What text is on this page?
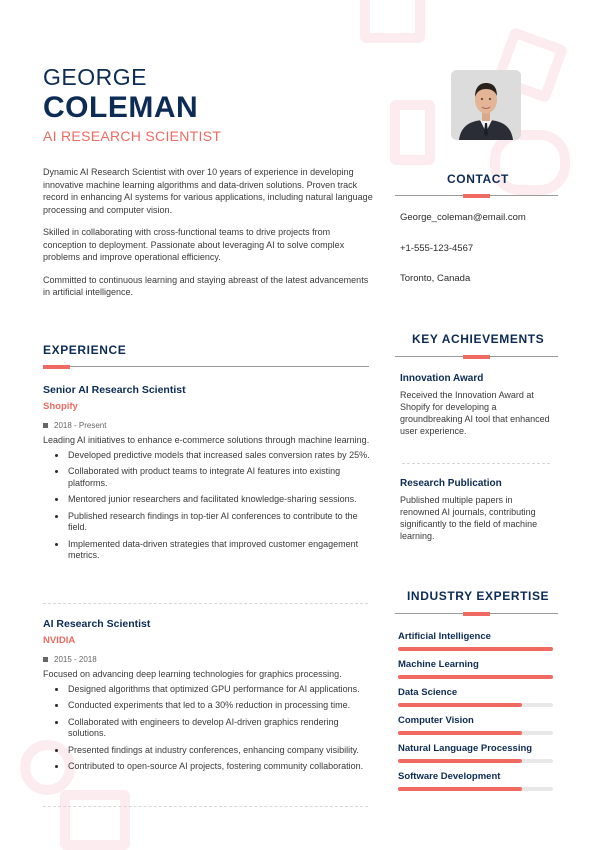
GEORGE
COLEMAN
AI RESEARCH SCIENTIST

Dynamic AI Research Scientist with over 10 years of experience in developing innovative machine learning algorithms and data-driven solutions. Proven track record in enhancing AI systems for various applications, including natural language processing and computer vision.

Skilled in collaborating with cross-functional teams to drive projects from conception to deployment. Passionate about leveraging AI to solve complex problems and improve operational efficiency.

Committed to continuous learning and staying abreast of the latest advancements in artificial intelligence.

EXPERIENCE
Senior AI Research Scientist
Shopify
2018 - Present
Leading AI initiatives to enhance e-commerce solutions through machine learning.
Developed predictive models that increased sales conversion rates by 25%.
Collaborated with product teams to integrate AI features into existing platforms.
Mentored junior researchers and facilitated knowledge-sharing sessions.
Published research findings in top-tier AI conferences to contribute to the field.
Implemented data-driven strategies that improved customer engagement metrics.
AI Research Scientist
NVIDIA
2015 - 2018
Focused on advancing deep learning technologies for graphics processing.
Designed algorithms that optimized GPU performance for AI applications.
Conducted experiments that led to a 30% reduction in processing time.
Collaborated with engineers to develop AI-driven graphics rendering solutions.
Presented findings at industry conferences, enhancing company visibility.
Contributed to open-source AI projects, fostering community collaboration.
CONTACT
George_coleman@email.com
+1-555-123-4567
Toronto, Canada
KEY ACHIEVEMENTS
Innovation Award
Received the Innovation Award at Shopify for developing a groundbreaking AI tool that enhanced user experience.
Research Publication
Published multiple papers in renowned AI journals, contributing significantly to the field of machine learning.
INDUSTRY EXPERTISE
Artificial Intelligence
Machine Learning
Data Science
Computer Vision
Natural Language Processing
Software Development
